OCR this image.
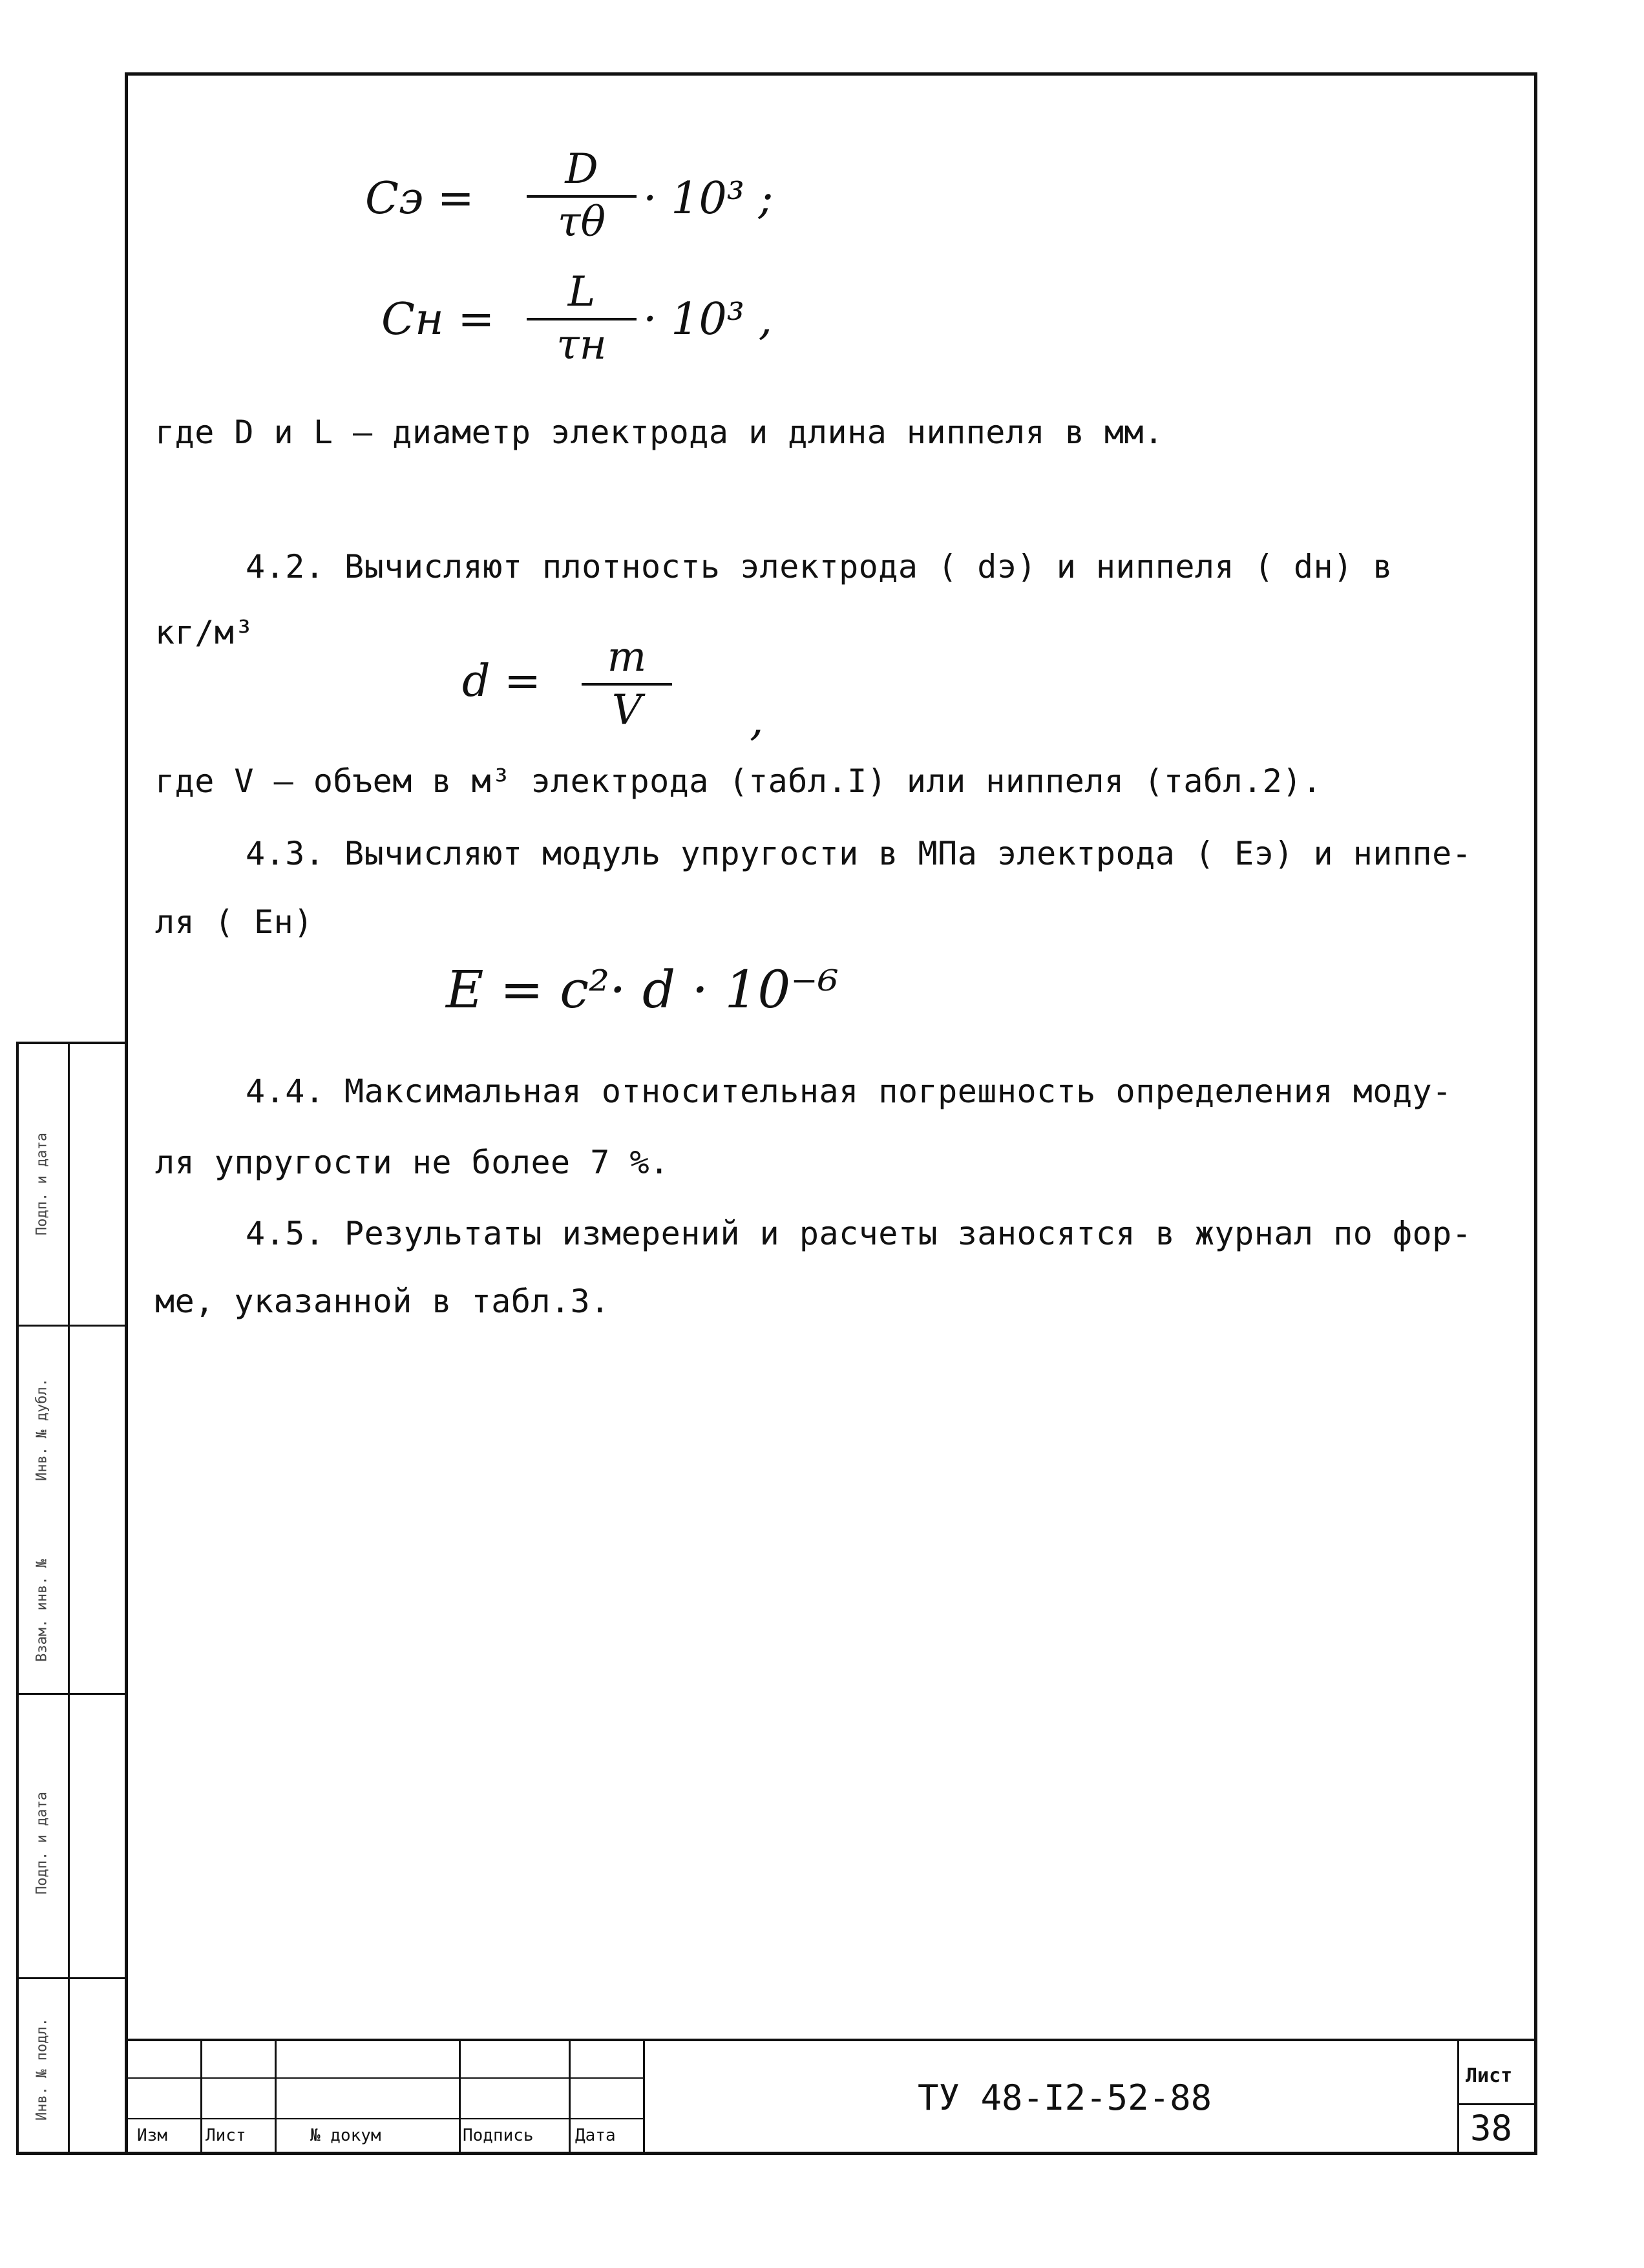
Cэ =
D
τθ · 10³ ;
Cн =
L
τн · 10³ ,
где D и L – диаметр электрода и длина ниппеля в мм.
4.2. Вычисляют плотность электрода ( dэ) и ниппеля ( dн) в
кг/м³
d = m
V ,
где V – объем в м³ электрода (табл.I) или ниппеля (табл.2).
4.3. Вычисляют модуль упругости в МПа электрода ( Eэ) и ниппе-
ля ( Eн)
E = c²· d · 10⁻⁶
4.4. Максимальная относительная погрешность определения моду-
ля упругости не более 7 %.
4.5. Результаты измерений и расчеты заносятся в журнал по фор-
ме, указанной в табл.3.
Подп. и дата
Инв. № дубл.
Взам. инв. №
Подп. и дата
Инв. № подл.
Изм Лист	№ докум	Подпись Дата
ТУ 48-I2-52-88
Лист
38
